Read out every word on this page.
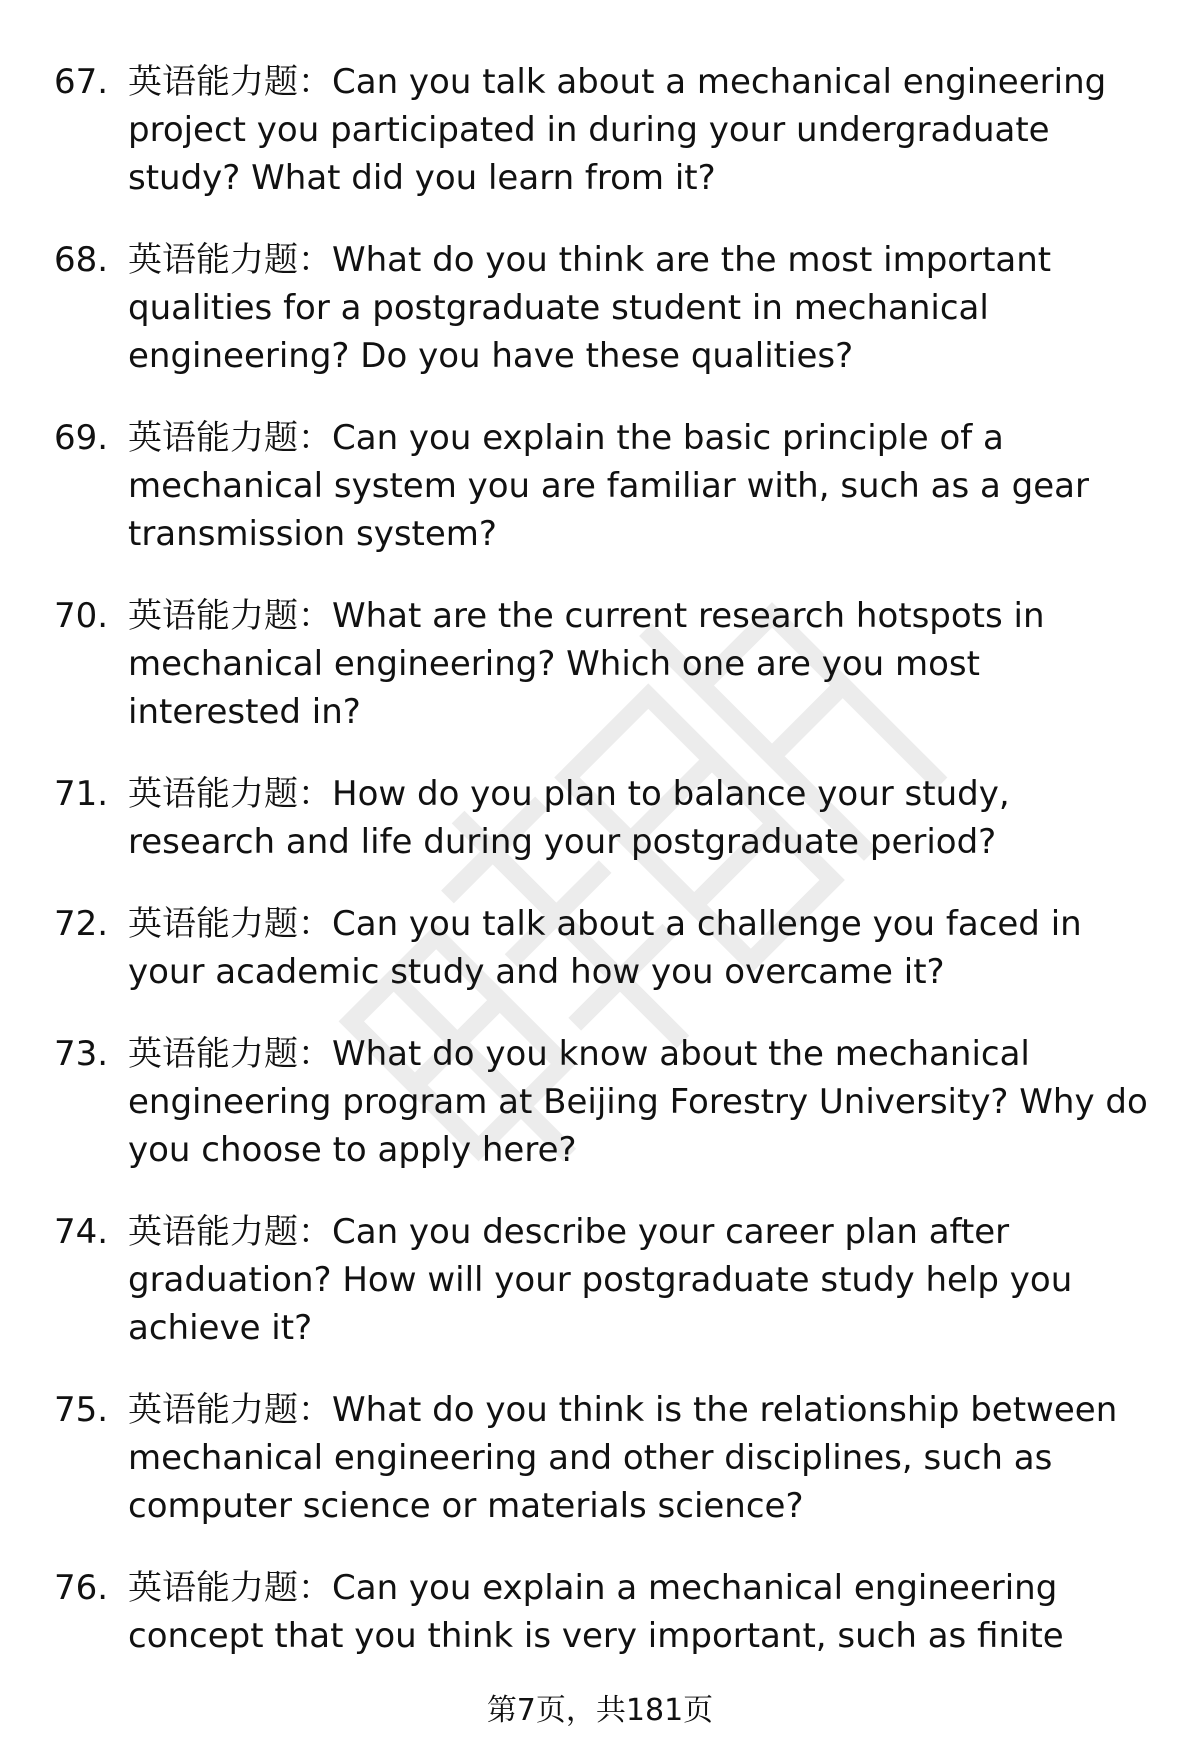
67. 英语能力题：Can you talk about a mechanical engineering project you participated in during your undergraduate study? What did you learn from it?
68. 英语能力题：What do you think are the most important qualities for a postgraduate student in mechanical engineering? Do you have these qualities?
69. 英语能力题：Can you explain the basic principle of a mechanical system you are familiar with, such as a gear transmission system?
70. 英语能力题：What are the current research hotspots in mechanical engineering? Which one are you most interested in?
71. 英语能力题：How do you plan to balance your study, research and life during your postgraduate period?
72. 英语能力题：Can you talk about a challenge you faced in your academic study and how you overcame it?
73. 英语能力题：What do you know about the mechanical engineering program at Beijing Forestry University? Why do you choose to apply here?
74. 英语能力题：Can you describe your career plan after graduation? How will your postgraduate study help you achieve it?
75. 英语能力题：What do you think is the relationship between mechanical engineering and other disciplines, such as computer science or materials science?
76. 英语能力题：Can you explain a mechanical engineering concept that you think is very important, such as finite
第7页，共181页
